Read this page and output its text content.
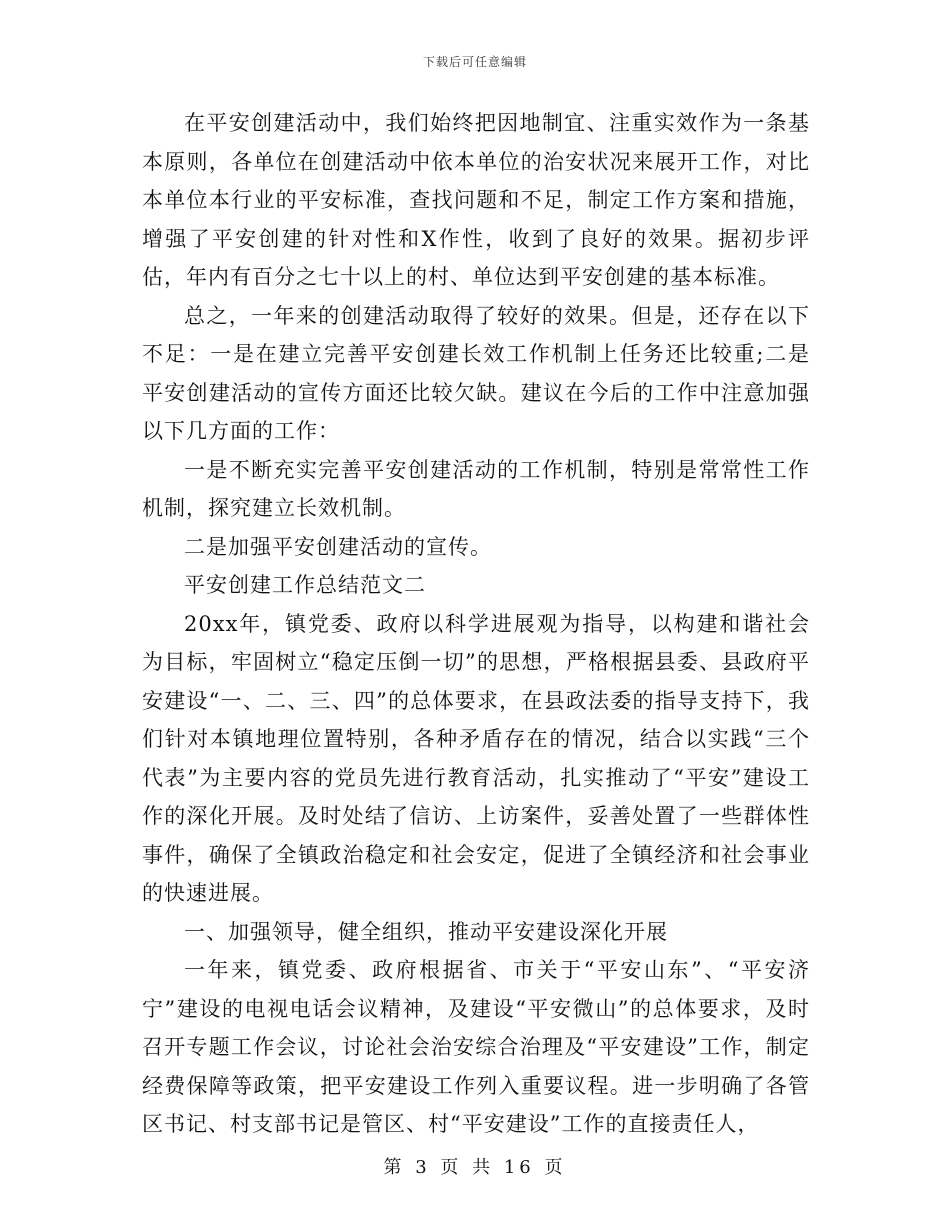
下载后可任意编辑

在平安创建活动中，我们始终把因地制宜、注重实效作为一条基本原则，各单位在创建活动中依本单位的治安状况来展开工作，对比本单位本行业的平安标准，查找问题和不足，制定工作方案和措施，增强了平安创建的针对性和X作性，收到了良好的效果。据初步评估，年内有百分之七十以上的村、单位达到平安创建的基本标准。

总之，一年来的创建活动取得了较好的效果。但是，还存在以下不足：一是在建立完善平安创建长效工作机制上任务还比较重;二是平安创建活动的宣传方面还比较欠缺。建议在今后的工作中注意加强以下几方面的工作：

一是不断充实完善平安创建活动的工作机制，特别是常常性工作机制，探究建立长效机制。

二是加强平安创建活动的宣传。

平安创建工作总结范文二

20xx年，镇党委、政府以科学进展观为指导，以构建和谐社会为目标，牢固树立“稳定压倒一切”的思想，严格根据县委、县政府平安建设“一、二、三、四”的总体要求，在县政法委的指导支持下，我们针对本镇地理位置特别，各种矛盾存在的情况，结合以实践“三个代表”为主要内容的党员先进行教育活动，扎实推动了“平安”建设工作的深化开展。及时处结了信访、上访案件，妥善处置了一些群体性事件，确保了全镇政治稳定和社会安定，促进了全镇经济和社会事业的快速进展。

一、加强领导，健全组织，推动平安建设深化开展

一年来，镇党委、政府根据省、市关于“平安山东”、“平安济宁”建设的电视电话会议精神，及建设“平安微山”的总体要求，及时召开专题工作会议，讨论社会治安综合治理及“平安建设”工作，制定经费保障等政策，把平安建设工作列入重要议程。进一步明确了各管区书记、村支部书记是管区、村“平安建设”工作的直接责任人，

第 3 页 共 16 页
